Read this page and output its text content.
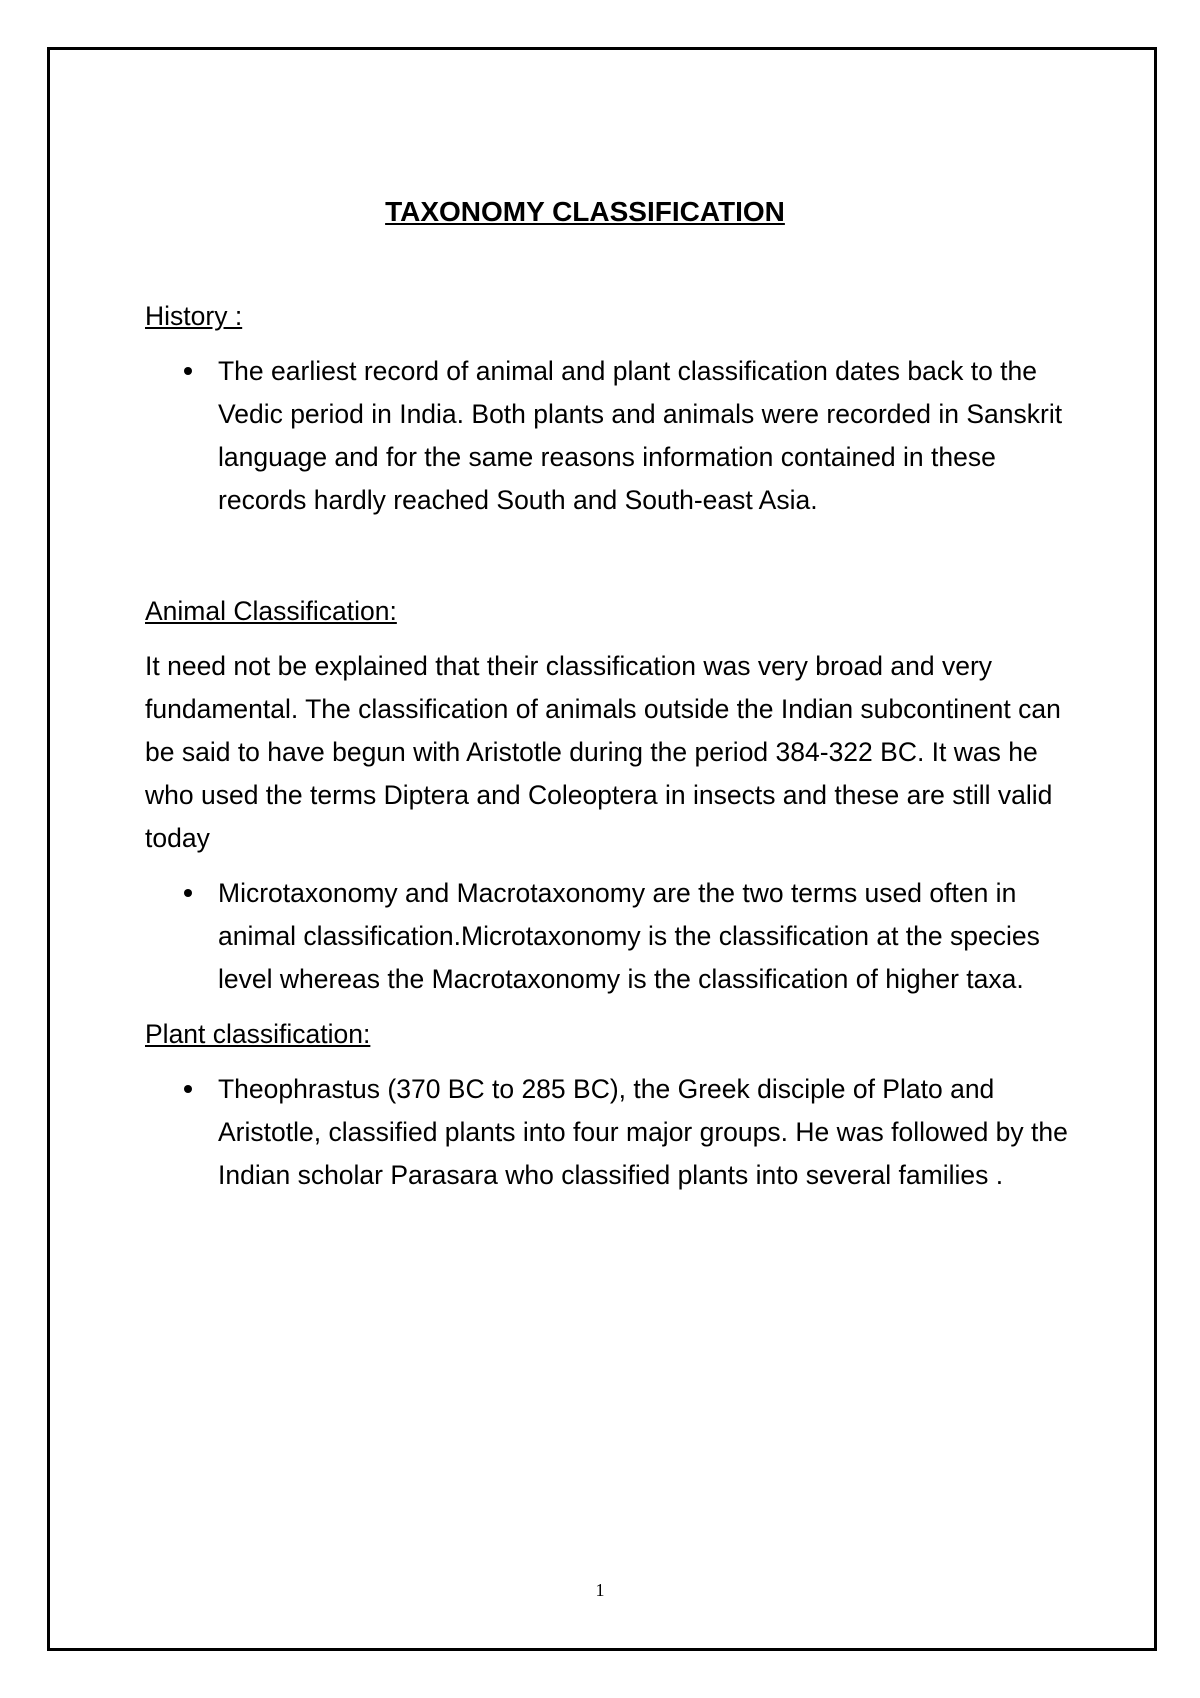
TAXONOMY CLASSIFICATION

History :

The earliest record of animal and plant classification dates back to the Vedic period in India. Both plants and animals were recorded in Sanskrit language and for the same reasons information contained in these records hardly reached South and South-east Asia.

Animal Classification:

It need not be explained that their classification was very broad and very fundamental. The classification of animals outside the Indian subcontinent can be said to have begun with Aristotle during the period 384-322 BC. It was he who used the terms Diptera and Coleoptera in insects and these are still valid today

Microtaxonomy and Macrotaxonomy are the two terms used often in animal classification.Microtaxonomy is the classification at the species level whereas the Macrotaxonomy is the classification of higher taxa.

Plant classification:

Theophrastus (370 BC to 285 BC), the Greek disciple of Plato and Aristotle, classified plants into four major groups. He was followed by the Indian scholar Parasara who classified plants into several families .
1
